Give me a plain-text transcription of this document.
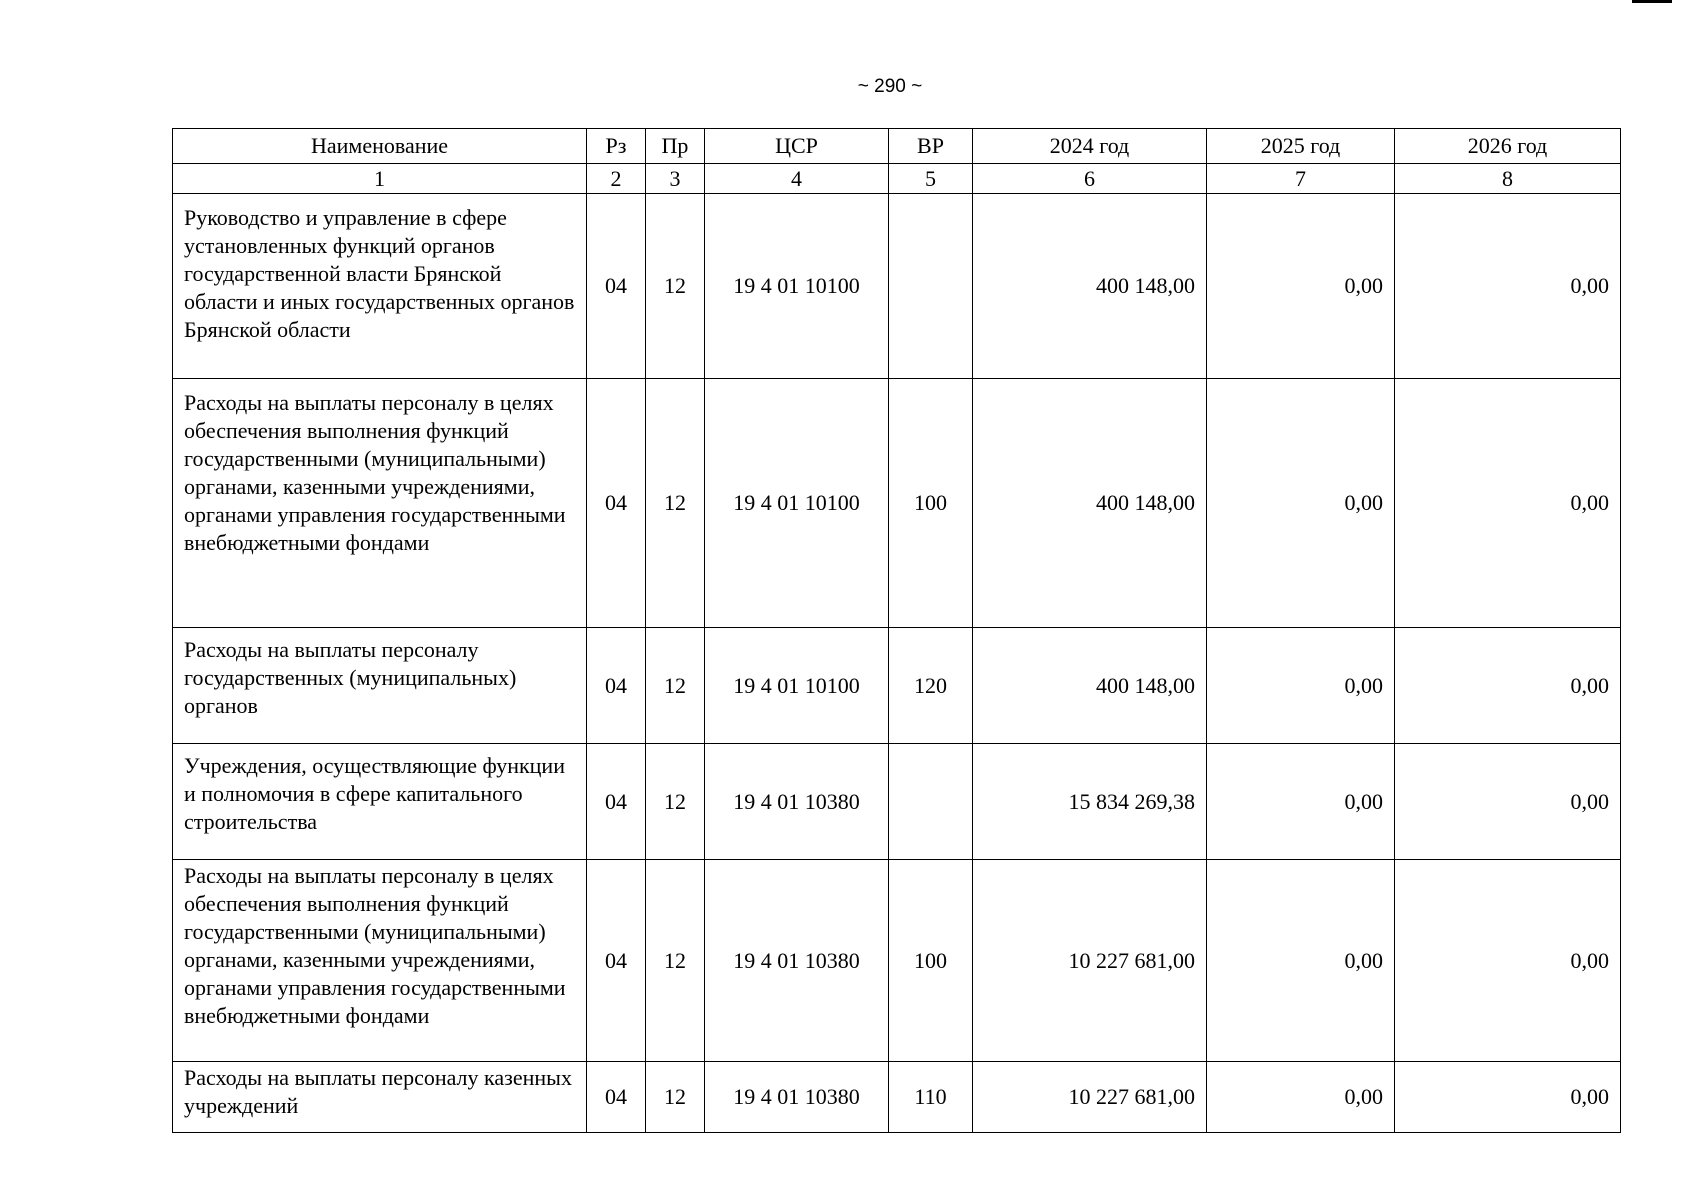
~ 290 ~
Наименование	Рз	Пр	ЦСР	ВР	2024 год	2025 год	2026 год
1	2	3	4	5	6	7	8
Руководство и управление в сфере установленных функций органов государственной власти Брянской области и иных государственных органов Брянской области	04	12	19 4 01 10100		400 148,00	0,00	0,00
Расходы на выплаты персоналу в целях обеспечения выполнения функций государственными (муниципальными) органами, казенными учреждениями, органами управления государственными внебюджетными фондами	04	12	19 4 01 10100	100	400 148,00	0,00	0,00
Расходы на выплаты персоналу государственных (муниципальных) органов	04	12	19 4 01 10100	120	400 148,00	0,00	0,00
Учреждения, осуществляющие функции и полномочия в сфере капитального строительства	04	12	19 4 01 10380		15 834 269,38	0,00	0,00
Расходы на выплаты персоналу в целях обеспечения выполнения функций государственными (муниципальными) органами, казенными учреждениями, органами управления государственными внебюджетными фондами	04	12	19 4 01 10380	100	10 227 681,00	0,00	0,00
Расходы на выплаты персоналу казенных учреждений	04	12	19 4 01 10380	110	10 227 681,00	0,00	0,00
